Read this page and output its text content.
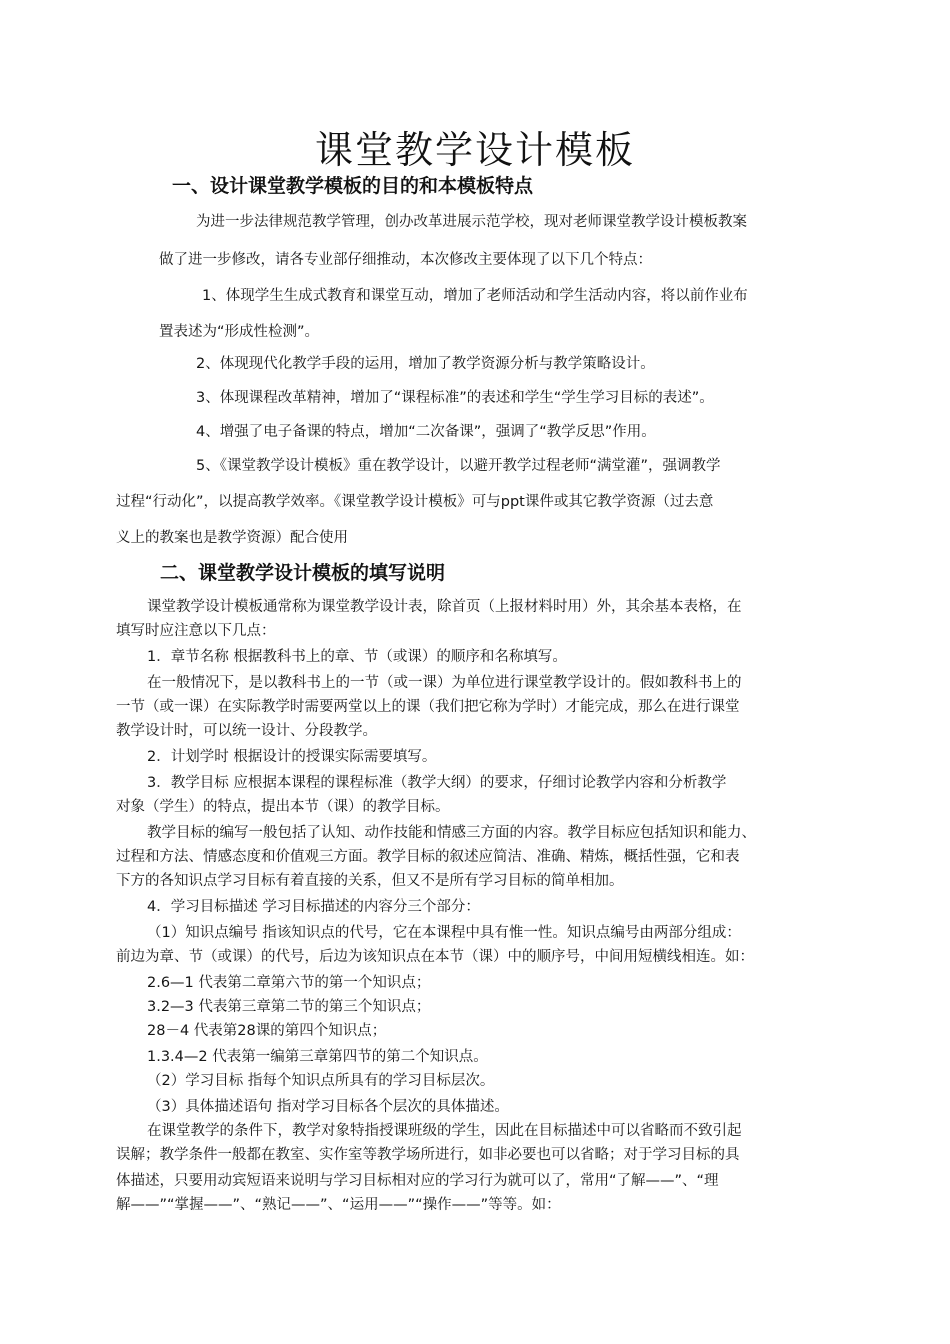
课堂教学设计模板
一、设计课堂教学模板的目的和本模板特点
为进一步法律规范教学管理，创办改革进展示范学校，现对老师课堂教学设计模板教案
做了进一步修改，请各专业部仔细推动，本次修改主要体现了以下几个特点：
1、体现学生生成式教育和课堂互动，增加了老师活动和学生活动内容，将以前作业布
置表述为“形成性检测”。
2、体现现代化教学手段的运用，增加了教学资源分析与教学策略设计。
3、体现课程改革精神，增加了“课程标准”的表述和学生“学生学习目标的表述”。
4、增强了电子备课的特点，增加“二次备课”，强调了“教学反思”作用。
5、《课堂教学设计模板》重在教学设计，以避开教学过程老师“满堂灌”，强调教学
过程“行动化”，以提高教学效率。《课堂教学设计模板》可与ppt课件或其它教学资源（过去意
义上的教案也是教学资源）配合使用
二、课堂教学设计模板的填写说明
课堂教学设计模板通常称为课堂教学设计表，除首页（上报材料时用）外，其余基本表格，在
填写时应注意以下几点：
1．章节名称 根据教科书上的章、节（或课）的顺序和名称填写。
在一般情况下，是以教科书上的一节（或一课）为单位进行课堂教学设计的。假如教科书上的
一节（或一课）在实际教学时需要两堂以上的课（我们把它称为学时）才能完成，那么在进行课堂
教学设计时，可以统一设计、分段教学。
2．计划学时 根据设计的授课实际需要填写。
3．教学目标 应根据本课程的课程标准（教学大纲）的要求，仔细讨论教学内容和分析教学
对象（学生）的特点，提出本节（课）的教学目标。
教学目标的编写一般包括了认知、动作技能和情感三方面的内容。教学目标应包括知识和能力、
过程和方法、情感态度和价值观三方面。教学目标的叙述应简洁、准确、精炼，概括性强，它和表
下方的各知识点学习目标有着直接的关系，但又不是所有学习目标的简单相加。
4．学习目标描述 学习目标描述的内容分三个部分：
（1）知识点编号 指该知识点的代号，它在本课程中具有惟一性。知识点编号由两部分组成：
前边为章、节（或课）的代号，后边为该知识点在本节（课）中的顺序号，中间用短横线相连。如：
2.6—1 代表第二章第六节的第一个知识点；
3.2—3 代表第三章第二节的第三个知识点；
28－4 代表第28课的第四个知识点；
1.3.4—2 代表第一编第三章第四节的第二个知识点。
（2）学习目标 指每个知识点所具有的学习目标层次。
（3）具体描述语句 指对学习目标各个层次的具体描述。
在课堂教学的条件下，教学对象特指授课班级的学生，因此在目标描述中可以省略而不致引起
误解；教学条件一般都在教室、实作室等教学场所进行，如非必要也可以省略；对于学习目标的具
体描述，只要用动宾短语来说明与学习目标相对应的学习行为就可以了，常用“了解——”、“理
解——”“掌握——”、“熟记——”、“运用——”“操作——”等等。如：
